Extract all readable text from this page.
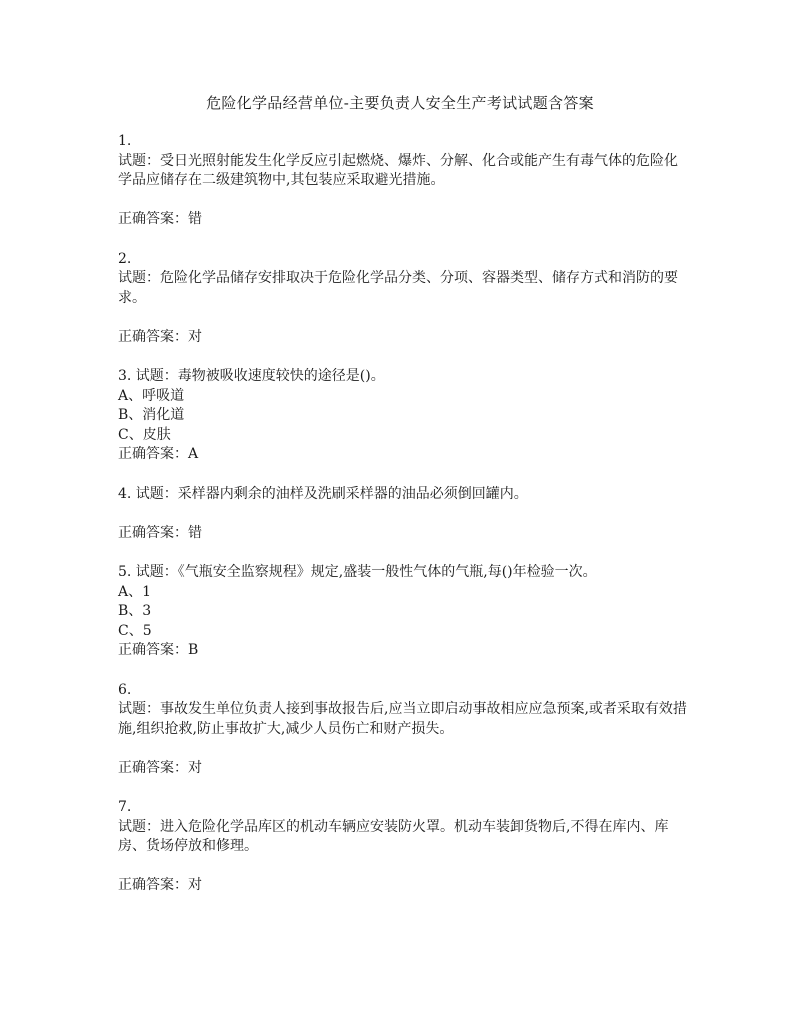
危险化学品经营单位-主要负责人安全生产考试试题含答案
1.
试题：受日光照射能发生化学反应引起燃烧、爆炸、分解、化合或能产生有毒气体的危险化学品应储存在二级建筑物中,其包装应采取避光措施。
正确答案：错
2.
试题：危险化学品储存安排取决于危险化学品分类、分项、容器类型、储存方式和消防的要求。
正确答案：对
3. 试题：毒物被吸收速度较快的途径是()。
A、呼吸道
B、消化道
C、皮肤
正确答案：A
4. 试题：采样器内剩余的油样及洗刷采样器的油品必须倒回罐内。
正确答案：错
5. 试题：《气瓶安全监察规程》规定,盛装一般性气体的气瓶,每()年检验一次。
A、1
B、3
C、5
正确答案：B
6.
试题：事故发生单位负责人接到事故报告后,应当立即启动事故相应应急预案,或者采取有效措施,组织抢救,防止事故扩大,减少人员伤亡和财产损失。
正确答案：对
7.
试题：进入危险化学品库区的机动车辆应安装防火罩。机动车装卸货物后,不得在库内、库房、货场停放和修理。
正确答案：对
